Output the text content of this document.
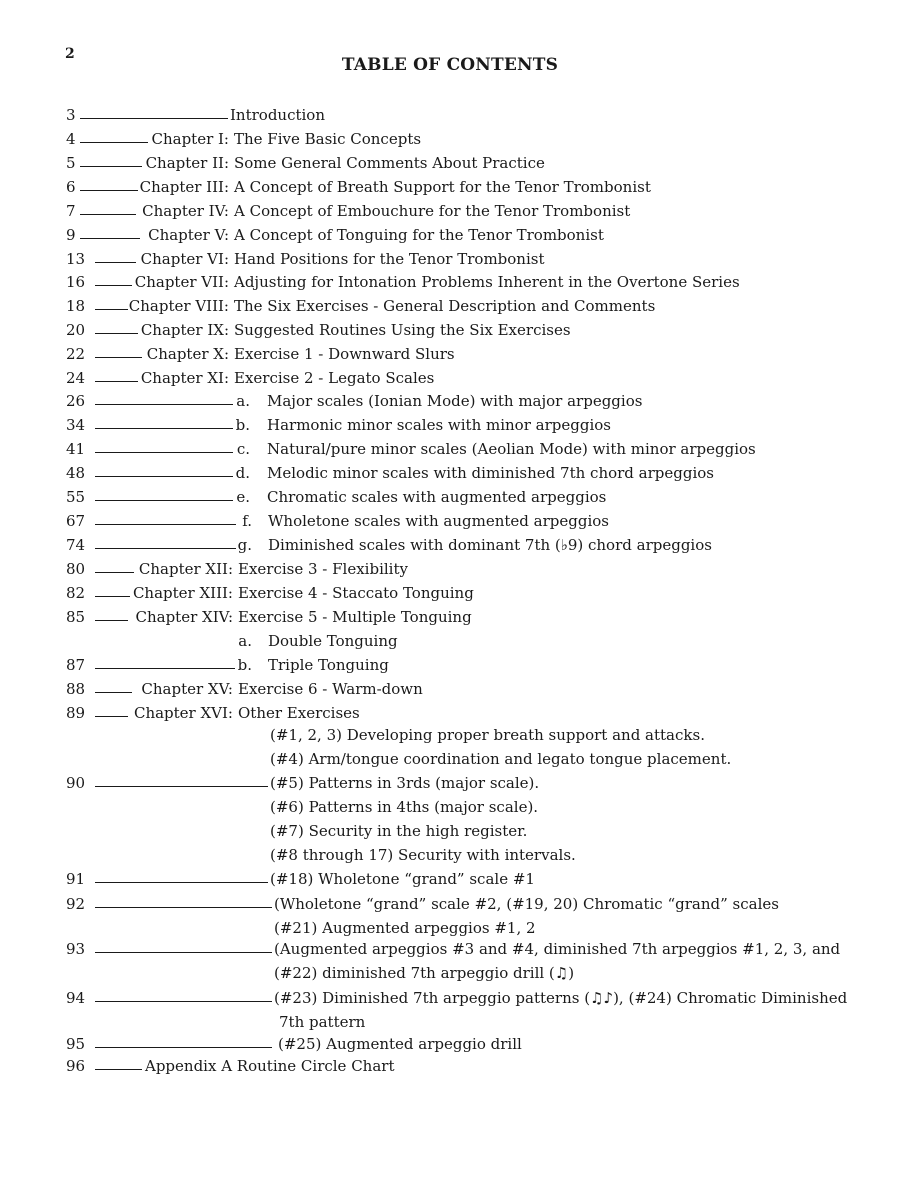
2
TABLE OF CONTENTS
3	Introduction
4	Chapter I: The Five Basic Concepts
5	Chapter II: Some General Comments About Practice
6	Chapter III: A Concept of Breath Support for the Tenor Trombonist
7	Chapter IV: A Concept of Embouchure for the Tenor Trombonist
9	Chapter V: A Concept of Tonguing for the Tenor Trombonist
13	Chapter VI: Hand Positions for the Tenor Trombonist
16	Chapter VII: Adjusting for Intonation Problems Inherent in the Overtone Series
18	Chapter VIII: The Six Exercises - General Description and Comments
20	Chapter IX: Suggested Routines Using the Six Exercises
22	Chapter X: Exercise 1 - Downward Slurs
24	Chapter XI: Exercise 2 - Legato Scales
26	a. Major scales (Ionian Mode) with major arpeggios
34	b. Harmonic minor scales with minor arpeggios
41	c. Natural/pure minor scales (Aeolian Mode) with minor arpeggios
48	d. Melodic minor scales with diminished 7th chord arpeggios
55	e. Chromatic scales with augmented arpeggios
67	f. Wholetone scales with augmented arpeggios
74	g. Diminished scales with dominant 7th (♭9) chord arpeggios
80	Chapter XII: Exercise 3 - Flexibility
82	Chapter XIII: Exercise 4 - Staccato Tonguing
85	Chapter XIV: Exercise 5 - Multiple Tonguing
a. Double Tonguing
87	b. Triple Tonguing
88	Chapter XV: Exercise 6 - Warm-down
89	Chapter XVI: Other Exercises
(#1, 2, 3) Developing proper breath support and attacks.
(#4) Arm/tongue coordination and legato tongue placement.
90	(#5) Patterns in 3rds (major scale).
(#6) Patterns in 4ths (major scale).
(#7) Security in the high register.
(#8 through 17) Security with intervals.
91	(#18) Wholetone “grand” scale #1
92	(Wholetone “grand” scale #2, (#19, 20) Chromatic “grand” scales
(#21) Augmented arpeggios #1, 2
93	(Augmented arpeggios #3 and #4, diminished 7th arpeggios #1, 2, 3, and
(#22) diminished 7th arpeggio drill (♫)
94	(#23) Diminished 7th arpeggio patterns (♫♪), (#24) Chromatic Diminished
7th pattern
95	(#25) Augmented arpeggio drill
96	Appendix A Routine Circle Chart
